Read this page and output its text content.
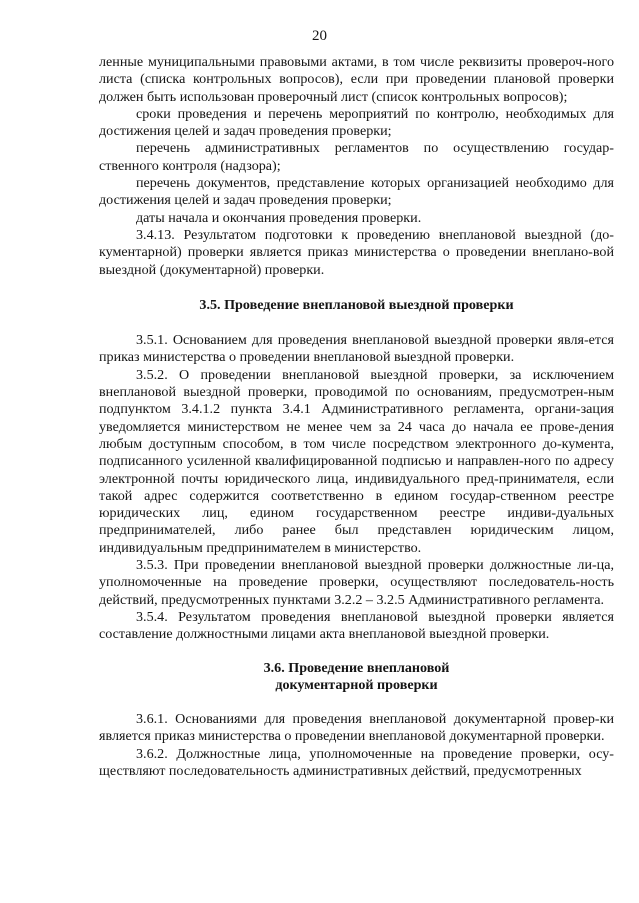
20

ленные муниципальными правовыми актами, в том числе реквизиты провероч-ного листа (списка контрольных вопросов), если при проведении плановой проверки должен быть использован проверочный лист (список контрольных вопросов);

сроки проведения и перечень мероприятий по контролю, необходимых для достижения целей и задач проведения проверки;

перечень административных регламентов по осуществлению государ-ственного контроля (надзора);

перечень документов, представление которых организацией необходимо для достижения целей и задач проведения проверки;

даты начала и окончания проведения проверки.

3.4.13. Результатом подготовки к проведению внеплановой выездной (до-кументарной) проверки является приказ министерства о проведении внеплано-вой выездной (документарной) проверки.

3.5. Проведение внеплановой выездной проверки

3.5.1. Основанием для проведения внеплановой выездной проверки явля-ется приказ министерства о проведении внеплановой выездной проверки.

3.5.2. О проведении внеплановой выездной проверки, за исключением внеплановой выездной проверки, проводимой по основаниям, предусмотрен-ным подпунктом 3.4.1.2 пункта 3.4.1 Административного регламента, органи-зация уведомляется министерством не менее чем за 24 часа до начала ее прове-дения любым доступным способом, в том числе посредством электронного до-кумента, подписанного усиленной квалифицированной подписью и направлен-ного по адресу электронной почты юридического лица, индивидуального пред-принимателя, если такой адрес содержится соответственно в едином государ-ственном реестре юридических лиц, едином государственном реестре индиви-дуальных предпринимателей, либо ранее был представлен юридическим лицом, индивидуальным предпринимателем в министерство.

3.5.3. При проведении внеплановой выездной проверки должностные ли-ца, уполномоченные на проведение проверки, осуществляют последователь-ность действий, предусмотренных пунктами 3.2.2 – 3.2.5 Административного регламента.

3.5.4. Результатом проведения внеплановой выездной проверки является составление должностными лицами акта внеплановой выездной проверки.

3.6. Проведение внеплановой
документарной проверки

3.6.1. Основаниями для проведения внеплановой документарной провер-ки является приказ министерства о проведении внеплановой документарной проверки.

3.6.2. Должностные лица, уполномоченные на проведение проверки, осу-ществляют последовательность административных действий, предусмотренных
